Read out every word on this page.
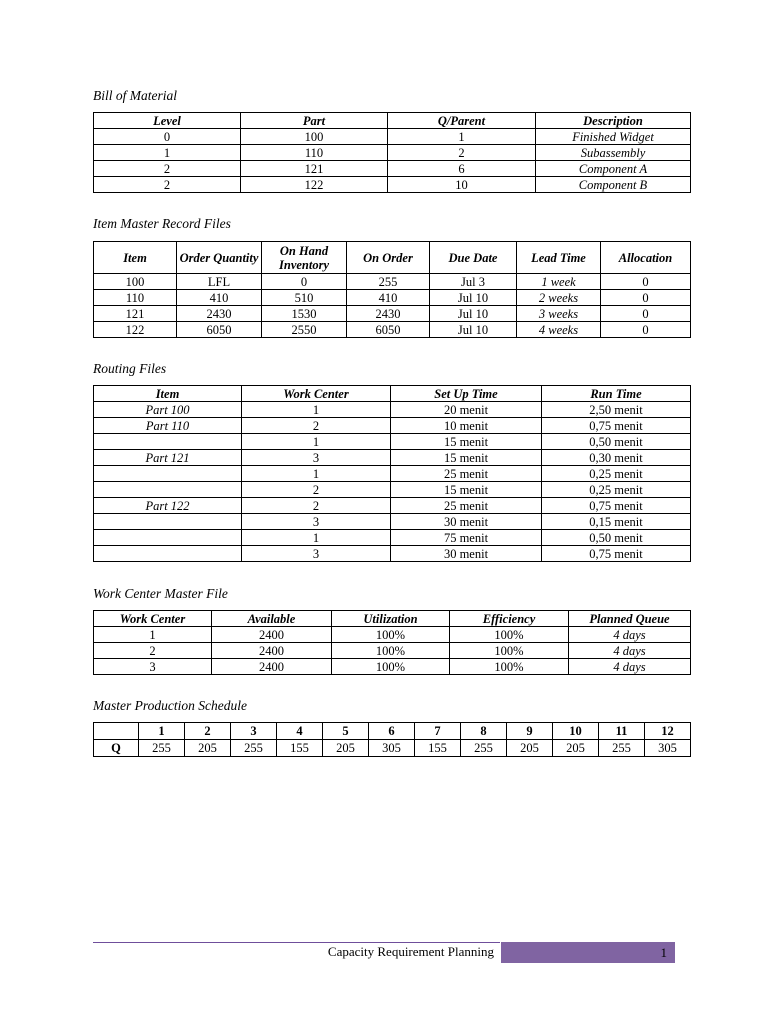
Bill of Material
Level	Part	Q/Parent	Description
0	100	1	Finished Widget
1	110	2	Subassembly
2	121	6	Component A
2	122	10	Component B
Item Master Record Files
Item	Order Quantity	On Hand Inventory	On Order	Due Date	Lead Time	Allocation
100	LFL	0	255	Jul 3	1 week	0
110	410	510	410	Jul 10	2 weeks	0
121	2430	1530	2430	Jul 10	3 weeks	0
122	6050	2550	6050	Jul 10	4 weeks	0
Routing Files
Item	Work Center	Set Up Time	Run Time
Part 100	1	20 menit	2,50 menit
Part 110	2	10 menit	0,75 menit
	1	15 menit	0,50 menit
Part 121	3	15 menit	0,30 menit
	1	25 menit	0,25 menit
	2	15 menit	0,25 menit
Part 122	2	25 menit	0,75 menit
	3	30 menit	0,15 menit
	1	75 menit	0,50 menit
	3	30 menit	0,75 menit
Work Center Master File
Work Center	Available	Utilization	Efficiency	Planned Queue
1	2400	100%	100%	4 days
2	2400	100%	100%	4 days
3	2400	100%	100%	4 days
Master Production Schedule
	1	2	3	4	5	6	7	8	9	10	11	12
Q	255	205	255	155	205	305	155	255	205	205	255	305
Capacity Requirement Planning	1
